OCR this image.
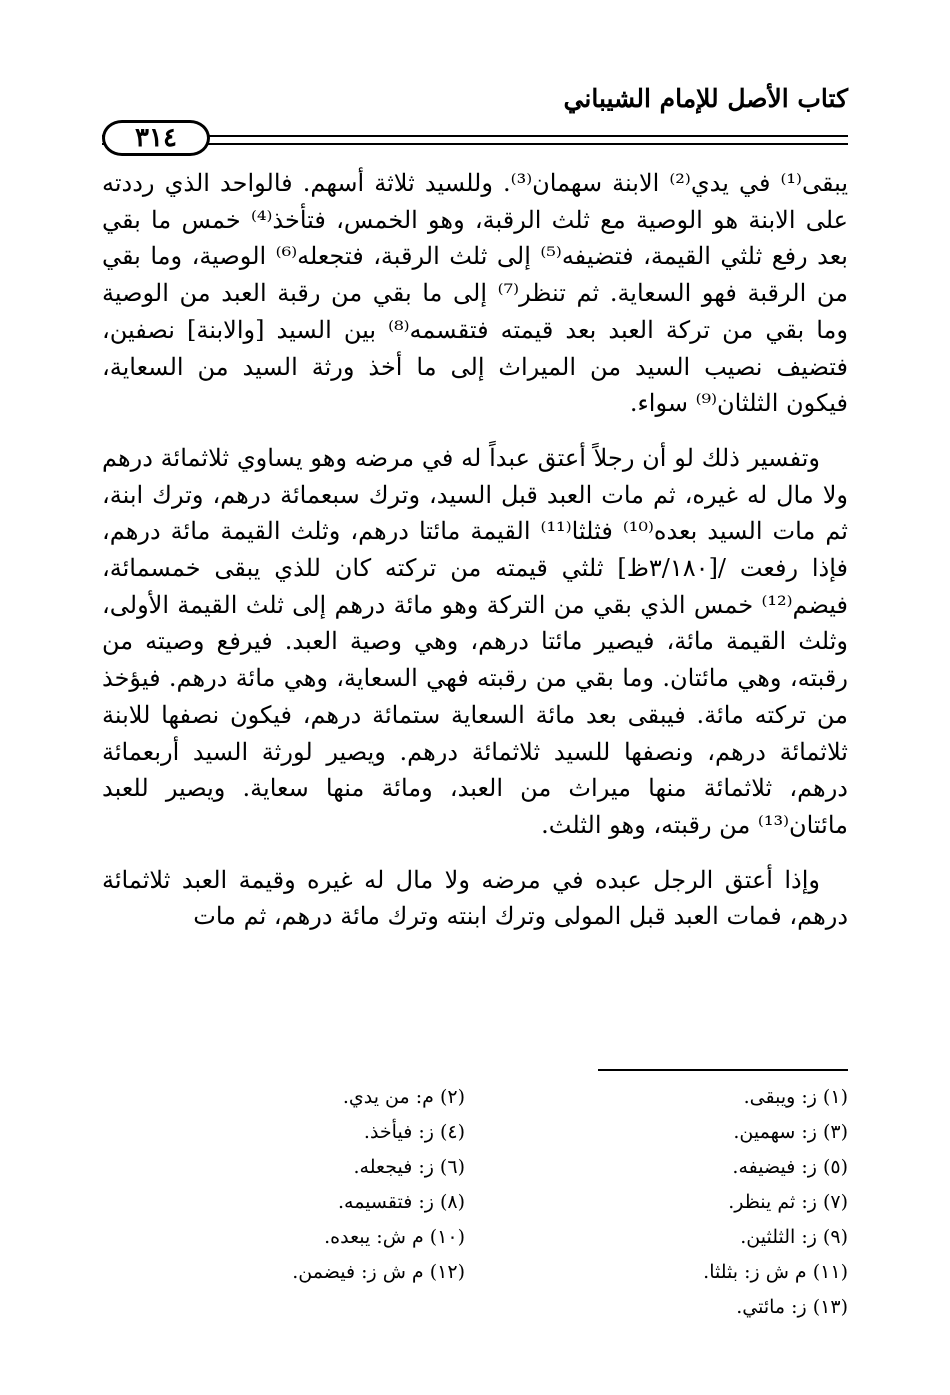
كتاب الأصل للإمام الشيباني
٣١٤

يبقى⁽¹⁾ في يدي⁽²⁾ الابنة سهمان⁽³⁾. وللسيد ثلاثة أسهم. فالواحد الذي رددته على الابنة هو الوصية مع ثلث الرقبة، وهو الخمس، فتأخذ⁽⁴⁾ خمس ما بقي بعد رفع ثلثي القيمة، فتضيفه⁽⁵⁾ إلى ثلث الرقبة، فتجعله⁽⁶⁾ الوصية، وما بقي من الرقبة فهو السعاية. ثم تنظر⁽⁷⁾ إلى ما بقي من رقبة العبد من الوصية وما بقي من تركة العبد بعد قيمته فتقسمه⁽⁸⁾ بين السيد [والابنة] نصفين، فتضيف نصيب السيد من الميراث إلى ما أخذ ورثة السيد من السعاية، فيكون الثلثان⁽⁹⁾ سواء.

وتفسير ذلك لو أن رجلاً أعتق عبداً له في مرضه وهو يساوي ثلاثمائة درهم ولا مال له غيره، ثم مات العبد قبل السيد، وترك سبعمائة درهم، وترك ابنة، ثم مات السيد بعده⁽¹⁰⁾ فثلثا⁽¹¹⁾ القيمة مائتا درهم، وثلث القيمة مائة درهم، فإذا رفعت /[٣/١٨٠ظ] ثلثي قيمته من تركته كان للذي يبقى خمسمائة، فيضم⁽¹²⁾ خمس الذي بقي من التركة وهو مائة درهم إلى ثلث القيمة الأولى، وثلث القيمة مائة، فيصير مائتا درهم، وهي وصية العبد. فيرفع وصيته من رقبته، وهي مائتان. وما بقي من رقبته فهي السعاية، وهي مائة درهم. فيؤخذ من تركته مائة. فيبقى بعد مائة السعاية ستمائة درهم، فيكون نصفها للابنة ثلاثمائة درهم، ونصفها للسيد ثلاثمائة درهم. ويصير لورثة السيد أربعمائة درهم، ثلاثمائة منها ميراث من العبد، ومائة منها سعاية. ويصير للعبد مائتان⁽¹³⁾ من رقبته، وهو الثلث.

وإذا أعتق الرجل عبده في مرضه ولا مال له غيره وقيمة العبد ثلاثمائة درهم، فمات العبد قبل المولى وترك ابنته وترك مائة درهم، ثم مات

(١) ز: ويبقى.
(٢) م: من يدي.
(٣) ز: سهمين.
(٤) ز: فيأخذ.
(٥) ز: فيضيفه.
(٦) ز: فيجعله.
(٧) ز: ثم ينظر.
(٨) ز: فتقسيمه.
(٩) ز: الثلثين.
(١٠) م ش: يبعده.
(١١) م ش ز: بثلثا.
(١٢) م ش ز: فيضمن.
(١٣) ز: مائتي.
